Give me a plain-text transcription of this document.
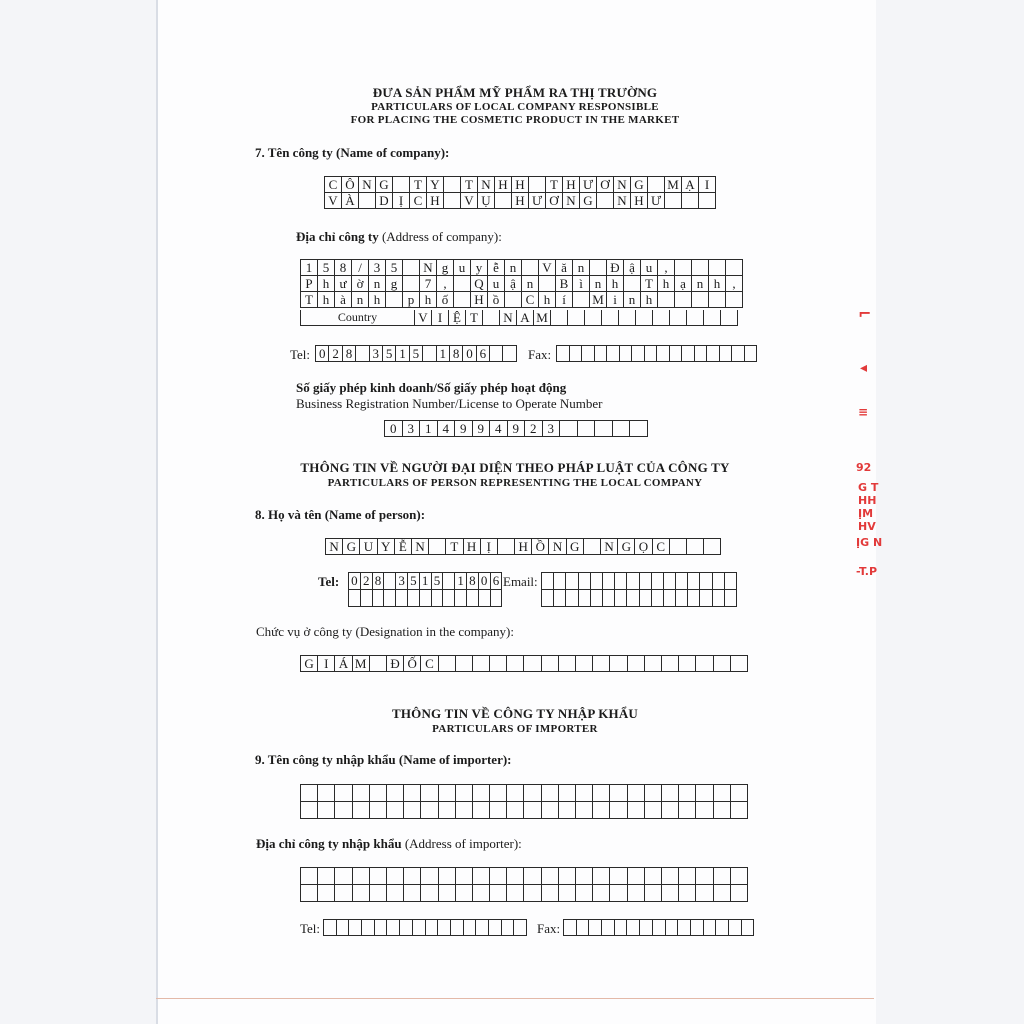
ĐƯA SẢN PHẨM MỸ PHẨM RA THỊ TRƯỜNG
PARTICULARS OF LOCAL COMPANY RESPONSIBLE
FOR PLACING THE COSMETIC PRODUCT IN THE MARKET
7. Tên công ty (Name of company):
C Ô N G	T Y	T N H H	T H Ư Ơ N G	M Ạ I
V À	D Ị C H	V Ụ	H Ư Ơ N G	N H Ư
Địa chỉ công ty (Address of company):
1 5 8 / 3 5	N g u y ễ n	V ă n	Đ ậ u ,
P h ư ờ n g	7 ,	Q u ậ n	B ì n h	T h ạ n h ,
T h à n h	p h ố	H ồ	C h í	M i n h
Country	V I Ệ T	N A M
Tel: 0 2 8	3 5 1 5	1 8 0 6	Fax:
Số giấy phép kinh doanh/Số giấy phép hoạt động
Business Registration Number/License to Operate Number
0 3 1 4 9 9 4 9 2 3
THÔNG TIN VỀ NGƯỜI ĐẠI DIỆN THEO PHÁP LUẬT CỦA CÔNG TY
PARTICULARS OF PERSON REPRESENTING THE LOCAL COMPANY
8. Họ và tên (Name of person):
N G U Y Ễ N	T H Ị	H Ồ N G	N G Ọ C
Tel: 0 2 8 3 5 1 5 1 8 0 6 Email:
Chức vụ ở công ty (Designation in the company):
G I Á M Đ Ố C
THÔNG TIN VỀ CÔNG TY NHẬP KHẨU
PARTICULARS OF IMPORTER
9. Tên công ty nhập khẩu (Name of importer):
Địa chỉ công ty nhập khẩu (Address of importer):
Tel:	Fax:
⌐
◂
≡
92
G T
HH
ỊM
HV
ỊG N
-T.P
